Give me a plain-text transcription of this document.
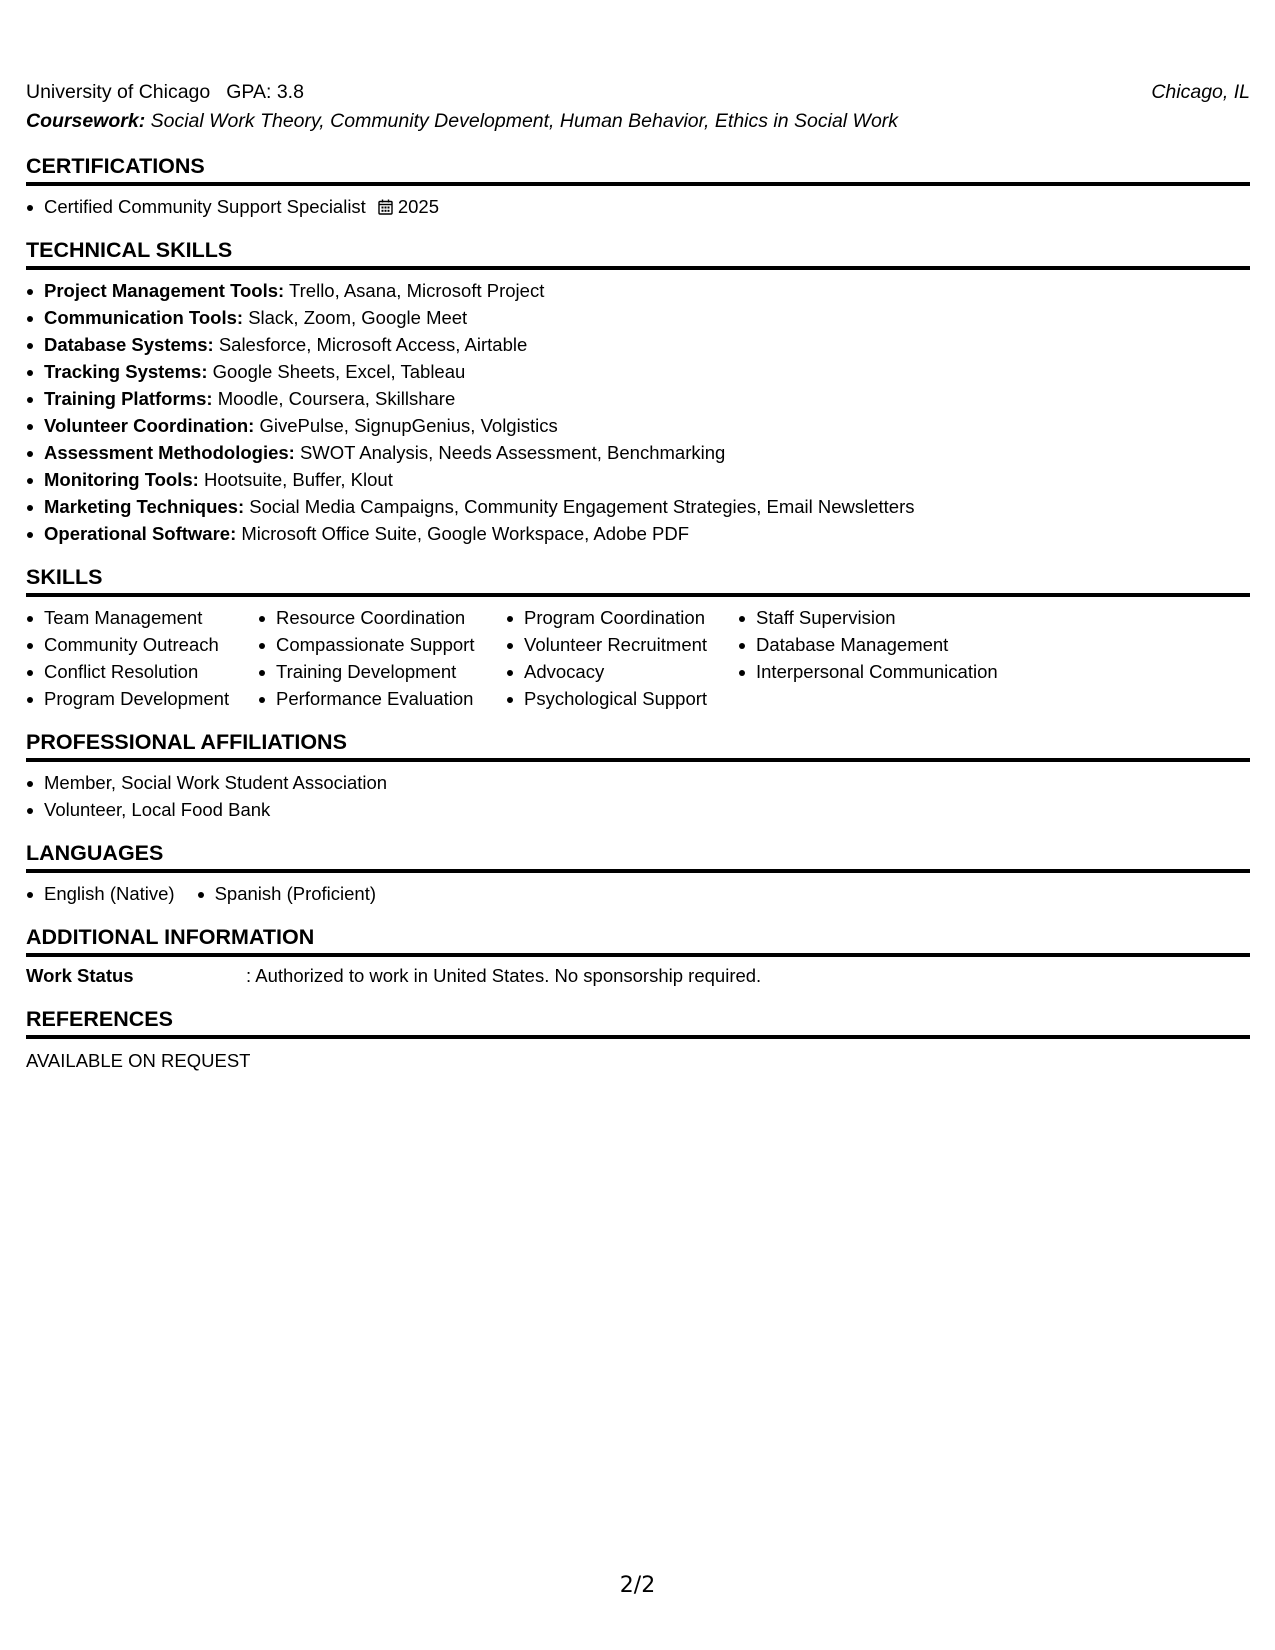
University of Chicago GPA: 3.8	Chicago, IL
Coursework: Social Work Theory, Community Development, Human Behavior, Ethics in Social Work
CERTIFICATIONS
Certified Community Support Specialist 2025
TECHNICAL SKILLS
Project Management Tools: Trello, Asana, Microsoft Project
Communication Tools: Slack, Zoom, Google Meet
Database Systems: Salesforce, Microsoft Access, Airtable
Tracking Systems: Google Sheets, Excel, Tableau
Training Platforms: Moodle, Coursera, Skillshare
Volunteer Coordination: GivePulse, SignupGenius, Volgistics
Assessment Methodologies: SWOT Analysis, Needs Assessment, Benchmarking
Monitoring Tools: Hootsuite, Buffer, Klout
Marketing Techniques: Social Media Campaigns, Community Engagement Strategies, Email Newsletters
Operational Software: Microsoft Office Suite, Google Workspace, Adobe PDF
SKILLS
Team Management
Community Outreach
Conflict Resolution
Program Development
Resource Coordination
Compassionate Support
Training Development
Performance Evaluation
Program Coordination
Volunteer Recruitment
Advocacy
Psychological Support
Staff Supervision
Database Management
Interpersonal Communication
PROFESSIONAL AFFILIATIONS
Member, Social Work Student Association
Volunteer, Local Food Bank
LANGUAGES
English (Native)	Spanish (Proficient)
ADDITIONAL INFORMATION
Work Status	: Authorized to work in United States. No sponsorship required.
REFERENCES
AVAILABLE ON REQUEST
2/2
